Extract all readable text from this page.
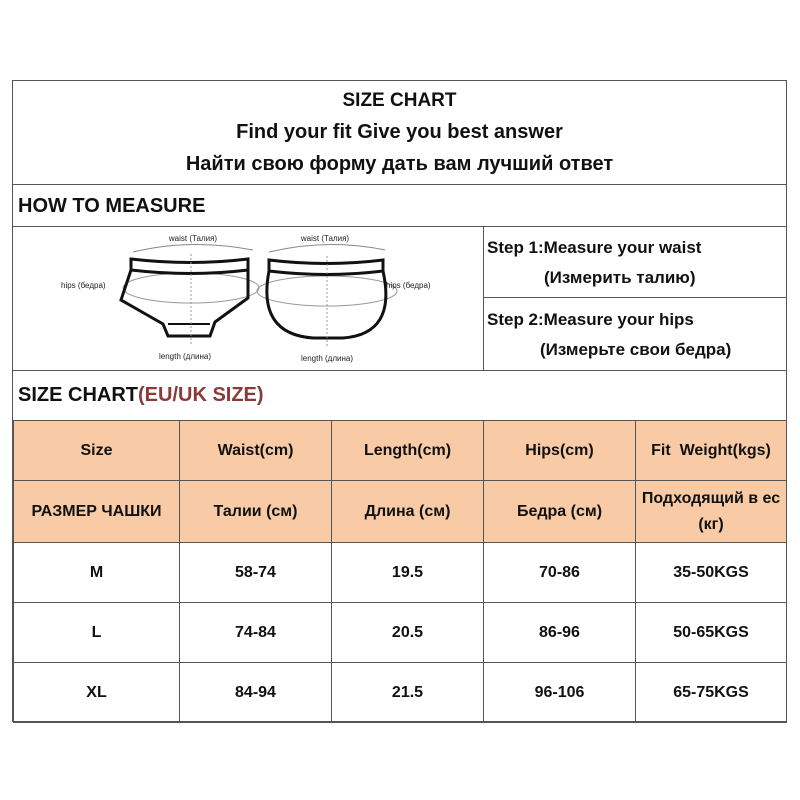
SIZE CHART
Find your fit Give you best answer
Найти свою форму дать вам лучший ответ
HOW TO MEASURE
waist (Талия)
hips (бедра)
length (длина)
waist (Талия)
hips (бедра)
length (длина)
Step 1:Measure your waist
(Измерить талию)
Step 2:Measure your hips
(Измерьте свои бедра)
SIZE CHART(EU/UK SIZE)
Size	Waist(cm)	Length(cm)	Hips(cm)	Fit  Weight(kgs)
РАЗМЕР ЧАШКИ	Талии (см)	Длина (см)	Бедра (см)	Подходящий в ес (кг)
M	58-74	19.5	70-86	35-50KGS
L	74-84	20.5	86-96	50-65KGS
XL	84-94	21.5	96-106	65-75KGS
